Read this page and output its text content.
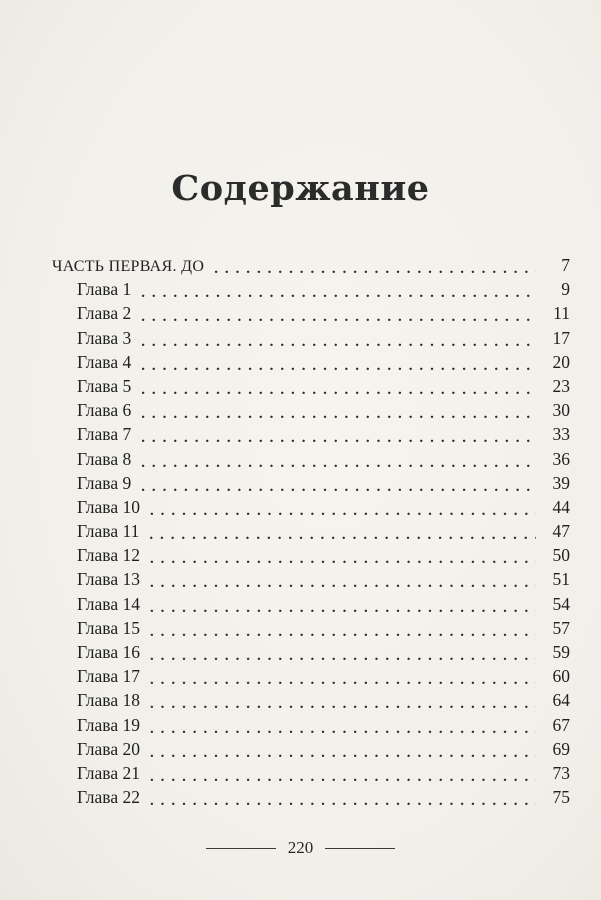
Содержание
ЧАСТЬ ПЕРВАЯ. ДО . . .	7
Глава 1 . . .	9
Глава 2 . . .	11
Глава 3 . . .	17
Глава 4 . . .	20
Глава 5 . . .	23
Глава 6 . . .	30
Глава 7 . . .	33
Глава 8 . . .	36
Глава 9 . . .	39
Глава 10 . . .	44
Глава 11 . . .	47
Глава 12 . . .	50
Глава 13 . . .	51
Глава 14 . . .	54
Глава 15 . . .	57
Глава 16 . . .	59
Глава 17 . . .	60
Глава 18 . . .	64
Глава 19 . . .	67
Глава 20 . . .	69
Глава 21 . . .	73
Глава 22 . . .	75
220
